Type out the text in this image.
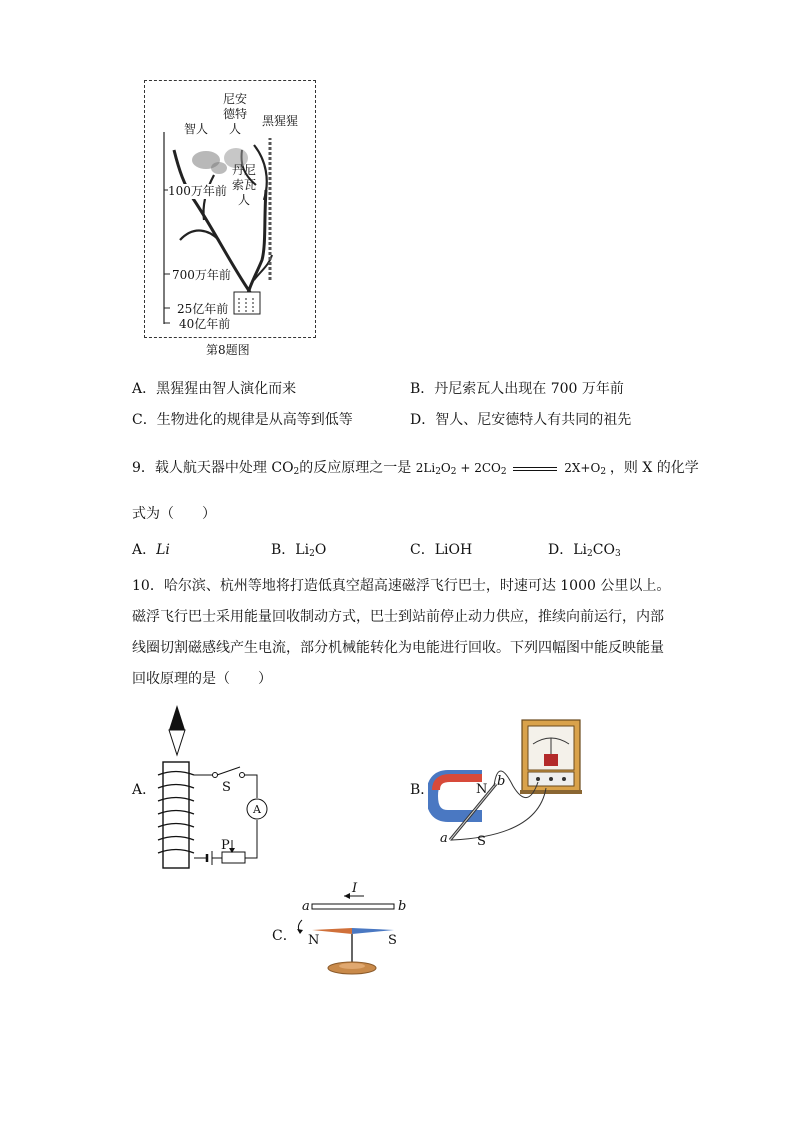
智人
尼安
德特
人
黑猩猩
丹尼
索瓦
人
100万年前
700万年前
25亿年前
40亿年前
第8题图
A．黑猩猩由智人演化而来	B．丹尼索瓦人出现在 700 万年前
C．生物进化的规律是从高等到低等	D．智人、尼安德特人有共同的祖先
9．载人航天器中处理 $CO_2$的反应原理之一是 $2Li_2O_2 + 2CO_2$	$2X+O_2$ ，则 X 的化学
式为（　　）
A．Li	B．$Li_2O$	C．LiOH	D．$Li_2CO_3$
10．哈尔滨、杭州等地将打造低真空超高速磁浮飞行巴士，时速可达 1000 公里以上。
磁浮飞行巴士采用能量回收制动方式，巴士到站前停止动力供应，推续向前运行，内部
线圈切割磁感线产生电流，部分机械能转化为电能进行回收。下列四幅图中能反映能量
回收原理的是（　　）
A．	S
A
P
B．	N
S
b
a
C．
I
a	b
N	S
